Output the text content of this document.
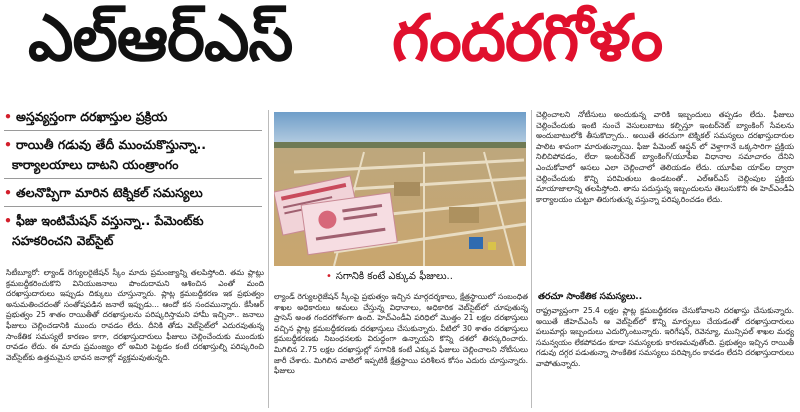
ఎల్‌ఆర్‌ఎస్ గందరగోళం
• అస్తవ్యస్తంగా దరఖాస్తుల ప్రక్రియ
• రాయితీ గడువు తేదీ ముంచుకొస్తున్నా..
కార్యాలయాలు దాటని యంత్రాంగం
• తలనొప్పిగా మారిన టెక్నికల్‌ సమస్యలు
• ఫీజు ఇంటిమేషన్‌ వస్తున్నా.. పేమెంట్‌కు
సహకరించని వెబ్‌సైట్‌
• సగానికి కంటే ఎక్కువ ఫీజులు..

సిటీబ్యూరో: ల్యాండ్‌ రెగ్యులరైజేషన్‌ స్కీం మాదు ప్రమంజ్యాన్ని తలపిస్తోంది. తమ ప్లాట్లు క్రమబద్దీకరించుకొని వినియుజనాలు పొందుదామని ఆశించిన ఎంతో మంది దరఖాస్తుదారులు ఇప్పుడు దిక్కులు చూస్తున్నారు. ప్లాట్ల క్రమబద్దీకరణ ఇక ప్రభుత్వం అనుమతించదంతో సంతోషపడిన జనాలే ఇప్పుడు... ఆందో కన సందమున్నారు. కేసీఆర్‌ ప్రభుత్వం 25 శాతం రాయితీతో దరఖాస్తులను పరిష్కరిస్తామని హామీ ఇచ్చినా.. జనాలు ఫీజులు చెల్లించడానికి ముందు రావడం లేదు. దీనికి తోడు వెబ్‌సైట్‌లో ఎదురవుతున్న సాంకేతిక సమస్యలే కారణం కాగా, దరఖాస్తుదారులు ఫీజులు చెల్లించేందుకు ముందుకు రావడం లేదు. ఈ మాదు ప్రమంజ్యం లో అమిరి పెట్టడం కంటే దరఖాస్తుల్ని పరిష్కరించి వెబ్‌సైట్‌కు ఉత్తమమైన భావన జనాల్లో వ్యక్తమవుతున్నది.

ల్యాండ్‌ రెగ్యులరైజేషన్‌ స్కీంపై ప్రభుత్వం ఇచ్చిన మార్గదర్శకాలు, క్షేత్రస్థాయిలో సంబంధిత శాఖల అధికారులు అమలు చేస్తున్న విధానాలు, అధికారిక వెబ్‌సైట్‌లో చూపుతున్న ప్రాసెస్‌ అంత గందరగోళంగా ఉంది. హెచ్‌ఎండీఏ పరిధిలో మొత్తం 21 లక్షల దరఖాస్తులు వచ్చిన ప్లాట్ల క్రమబద్ధీకరణకు దరఖాస్తులు చేసుకున్నారు. వీటిలో 30 శాతం దరఖాస్తులు క్రమబద్ధీకరణకు నిబంధనలకు విరుద్ధంగా ఉన్నాయని కొన్ని దశలో తిరస్కరించారు. మిగిలిన 2.75 లక్షల దరఖాస్తుల్లో సగానికి కంటే ఎక్కువ ఫీజులు చెల్లించాలని నోటీసులు జారీ చేశారు. మిగిలిన వాటిలో ఇప్పటికీ క్షేత్రస్థాయి పరిశీలన కోసం ఎదురు చూస్తున్నారు. ఫీజులు

చెల్లించాలని నోటీసులు అందుకున్న వారికి ఇబ్బందులు తప్పడం లేదు. ఫీజులు చెల్లించేందుకు ఇంటి నుంచే వెసులుబాటు కల్పిస్తూ ఇంటర్‌నెట్‌ బ్యాంకింగ్‌ సేవలను అందుబాటులోకి తీసుకొచ్చారు.. అయితే తరచుగా టెక్నికల్‌ సమస్యలు దరఖాస్తుదారుల పాలిట శాపంగా మారుతున్నాయి. ఫీజు పేమెంట్‌ ఆప్షన్‌ లో వెళ్తాగానే ఒక్కసారిగా ప్రక్రియ నిలిచిపోవడం, లేదా ఇంటర్‌నెట్‌ బ్యాంకింగ్‌/యూపీఐ విధానాల సమాచారం దేనిని ఎంచుకోవాలో అసలు ఎలా చెల్లించాలో తెలియడం లేదు. యూపీఐ యాప్‌ల ద్వారా చెల్లించేందుకు కొన్ని పరిమితులు ఉండటంతో.. ఎల్‌ఆర్‌ఎస్‌ చెల్లింపుల ప్రక్రియ మాయాజాలాన్ని తలపిస్తోంది. తాను పదుస్తున్న ఇబ్బందులను తెలుసుకొని ఈ హెచ్‌ఎండీఏ కార్యాలయం చుట్టూ తిరుగుతున్న వస్తున్నా పరిష్కరించడం లేదు.

తరచూ సాంకేతిక సమస్యలు..

రాష్ట్రవ్యాప్తంగా 25.4 లక్షల ప్లాట్ల క్రమబద్ధీకరణ చేసుకోవాలని దరఖాస్తు చేసుకున్నారు. అయితే జీహెచ్‌ఎంసీ ఆ వెబ్‌సైట్‌లో కొన్ని మార్పులు చేయడంతో దరఖాస్తుదారులు పలుమార్లు ఇబ్బందులు ఎదుర్కొంటున్నారు. ఇరిగేషన్‌, రెవెన్యూ, మున్సిపల్‌ శాఖల మధ్య సమన్వయం లేకపోవడం కూడా సమస్యలకు కారణమవుతోంది. ప్రభుత్వం ఇచ్చిన రాయితీ గడువు దగ్గర పడుతున్నా సాంకేతిక సమస్యలు పరిష్కారం కావడం లేదని దరఖాస్తుదారులు వాపోతున్నారు.
